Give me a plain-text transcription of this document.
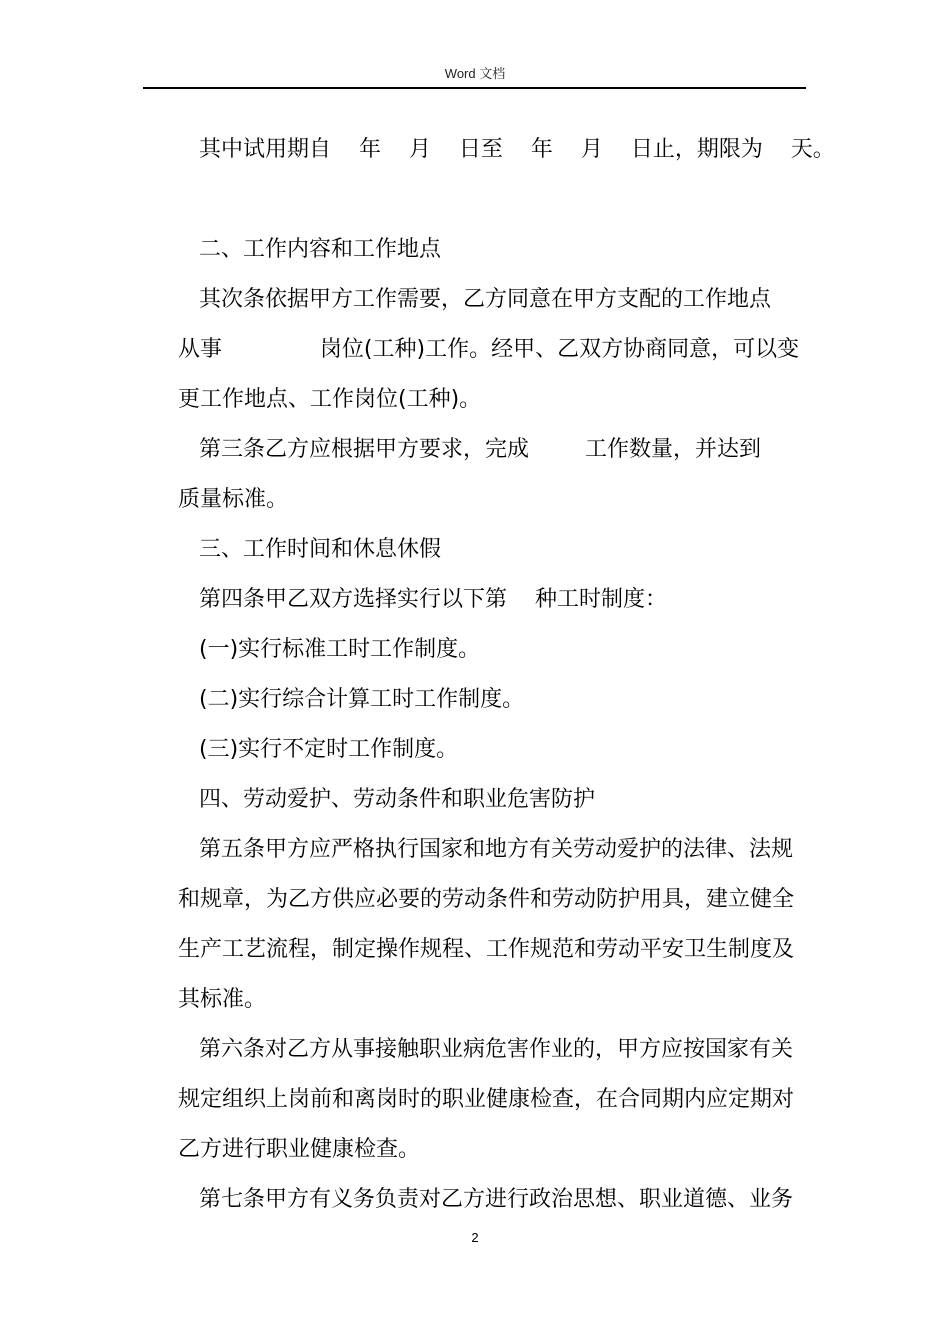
Word 文档
其中试用期自    年    月    日至    年    月    日止，期限为    天。
二、工作内容和工作地点
其次条依据甲方工作需要，乙方同意在甲方支配的工作地点
从事              岗位(工种)工作。经甲、乙双方协商同意，可以变
更工作地点、工作岗位(工种)。
第三条乙方应根据甲方要求，完成        工作数量，并达到
质量标准。
三、工作时间和休息休假
第四条甲乙双方选择实行以下第    种工时制度：
(一)实行标准工时工作制度。
(二)实行综合计算工时工作制度。
(三)实行不定时工作制度。
四、劳动爱护、劳动条件和职业危害防护
第五条甲方应严格执行国家和地方有关劳动爱护的法律、法规
和规章，为乙方供应必要的劳动条件和劳动防护用具，建立健全
生产工艺流程，制定操作规程、工作规范和劳动平安卫生制度及
其标准。
第六条对乙方从事接触职业病危害作业的，甲方应按国家有关
规定组织上岗前和离岗时的职业健康检查，在合同期内应定期对
乙方进行职业健康检查。
第七条甲方有义务负责对乙方进行政治思想、职业道德、业务
2
